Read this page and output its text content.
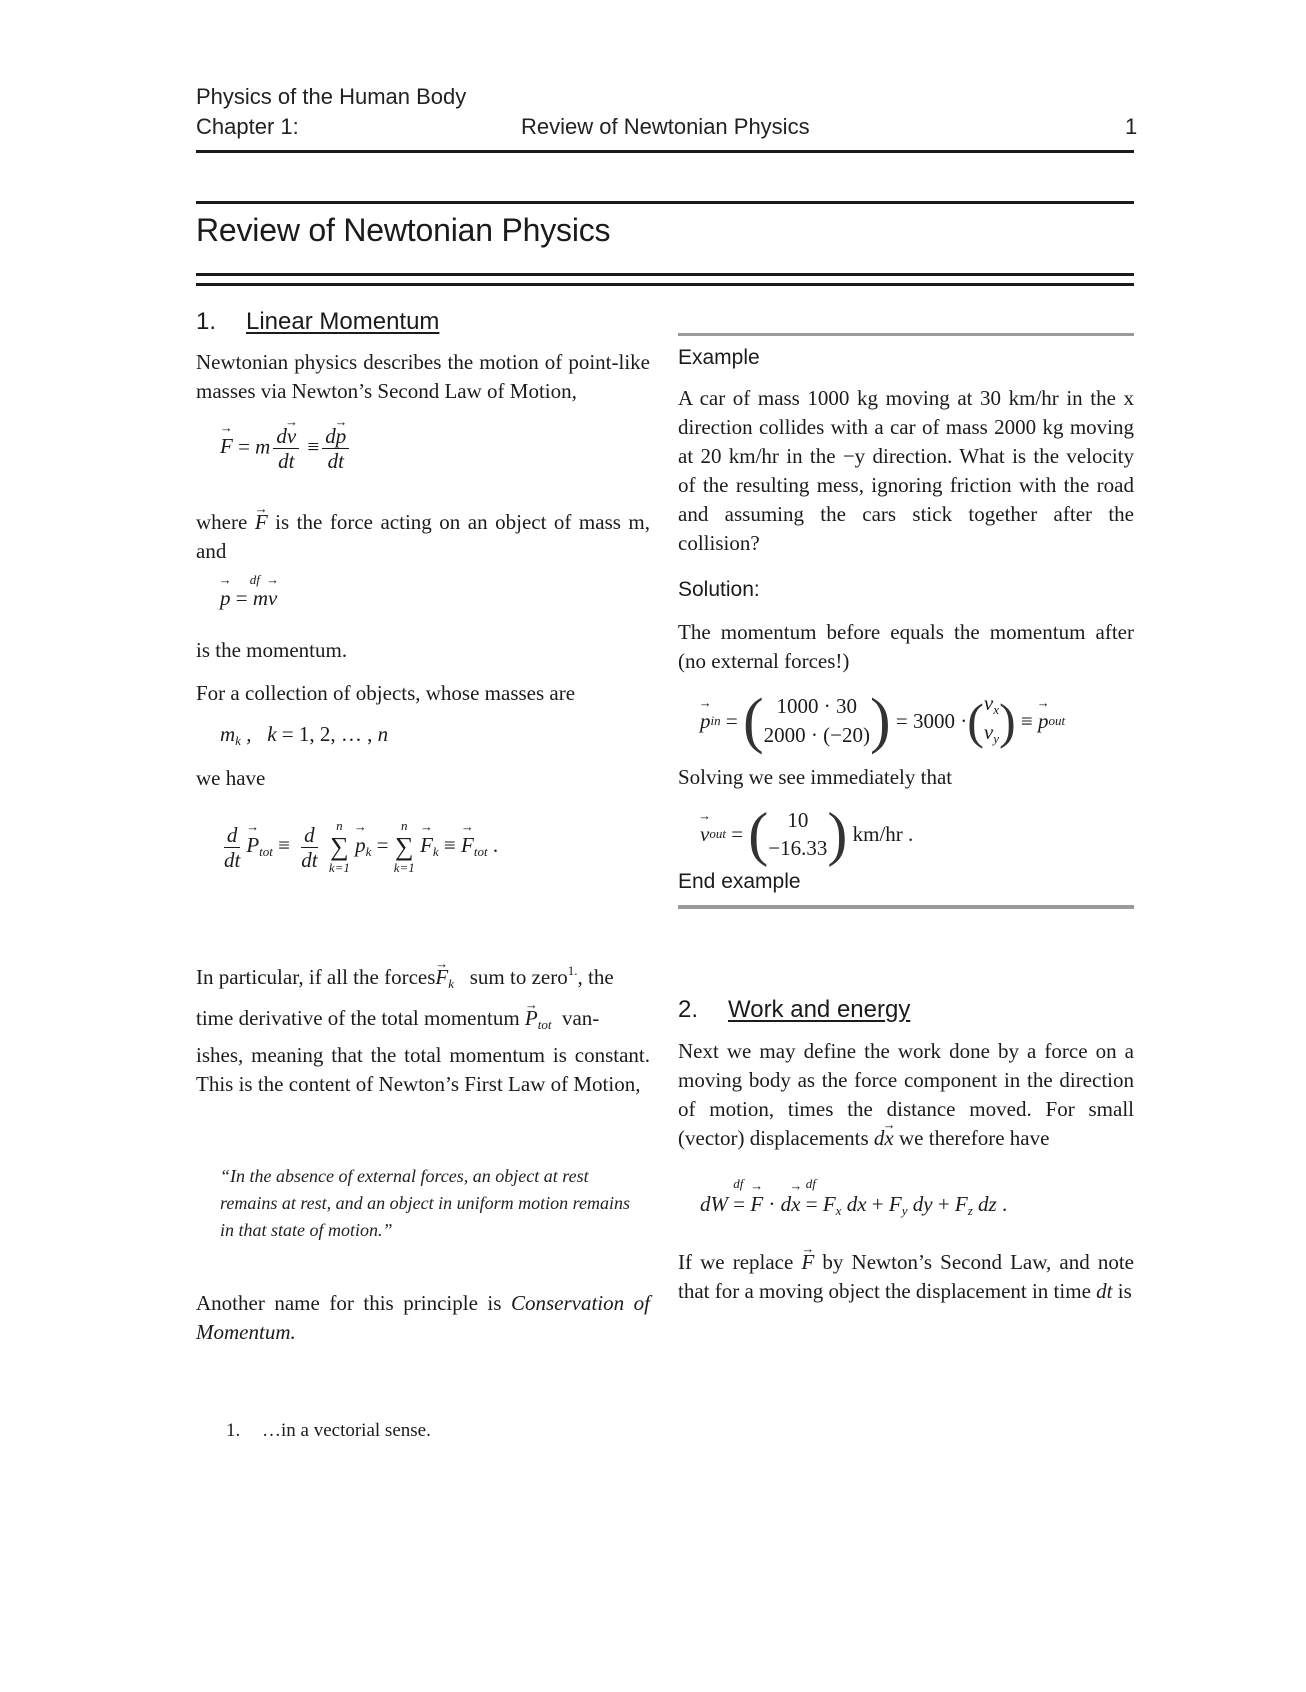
Physics of the Human Body
Chapter 1:	Review of Newtonian Physics	1
Review of Newtonian Physics
1. Linear Momentum

Newtonian physics describes the motion of point-like masses via Newton’s Second Law of Motion,

→ F = m $\frac{d\to v}{dt} \equiv \frac{d\to p}{dt}$

where → F is the force acting on an object of mass m, and

→ p
df
= m→ v
is the momentum.
For a collection of objects, whose masses are
$m_k$ ,   k = 1, 2, … , n
we have
$\frac{d}{dt}$
→ $P_{tot} \equiv \frac{d}{dt}$
n
∑
k=1
→ $p_k$ =
n
∑
k=1
→ $F_k$ ≡ → $F_{tot}$ .
In particular, if all the forces→ $F_k$ sum to zero$^{1.}$, the
time derivative of the total momentum → $P_{tot}$ van-
ishes, meaning that the total momentum is constant. This is the content of Newton’s First Law of Motion,
“In the absence of external forces, an object at rest remains at rest, and an object in uniform motion remains in that state of motion.”
Another name for this principle is Conservation of Momentum.
1. …in a vectorial sense.
Example
A car of mass 1000 kg moving at 30 km/hr in the x direction collides with a car of mass 2000 kg moving at 20 km/hr in the −y direction. What is the velocity of the resulting mess, ignoring friction with the road and assuming the cars stick together after the collision?
Solution:
The momentum before equals the momentum after (no external forces!)
→ p in
=
( 1000 · 30
2000 · (−20) )
=
3000 · ( $v_x$
$v_y$ )
≡

→ p out
Solving we see immediately that
→ v out
=
( 10
−16.33 )
km/hr .
End example
2. Work and energy
Next we may define the work done by a force on a moving body as the force component in the direction of motion, times the distance moved. For small (vector) displacements d→ x we therefore have
dW
df
= → F · d→ x
df
= $F_x$ dx + $F_y$ dy + $F_z$ dz .
If we replace → F by Newton’s Second Law, and note that for a moving object the displacement in time dt is
